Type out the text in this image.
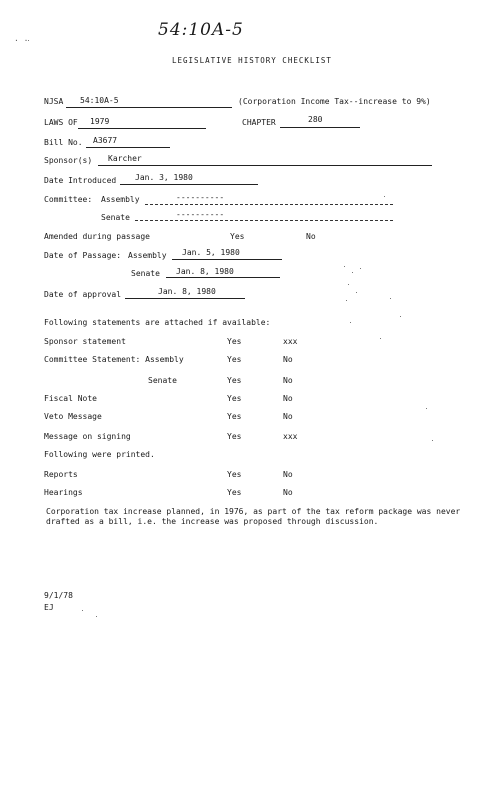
· ·
54:10A-5
LEGISLATIVE HISTORY CHECKLIST
NJSA 54:10A-5	(Corporation Income Tax--increase to 9%)
LAWS OF 1979	CHAPTER	280
Bill No. A3677
Sponsor(s) Karcher
Date Introduced Jan. 3, 1980
Committee: Assembly	----------
Senate	----------
Amended during passage	Yes	No
Date of Passage: Assembly Jan. 5, 1980
Senate Jan. 8, 1980
Date of approval	Jan. 8, 1980
Following statements are attached if available:
Sponsor statement	Yes	xxx
Committee Statement: Assembly	Yes	No
Senate	Yes	No
Fiscal Note	Yes	No
Veto Message	Yes	No
Message on signing	Yes	xxx
Following were printed.
Reports	Yes	No
Hearings	Yes	No
Corporation tax increase planned, in 1976, as part of the tax reform package was never drafted as a bill, i.e. the increase was proposed through discussion.
9/1/78
EJ
